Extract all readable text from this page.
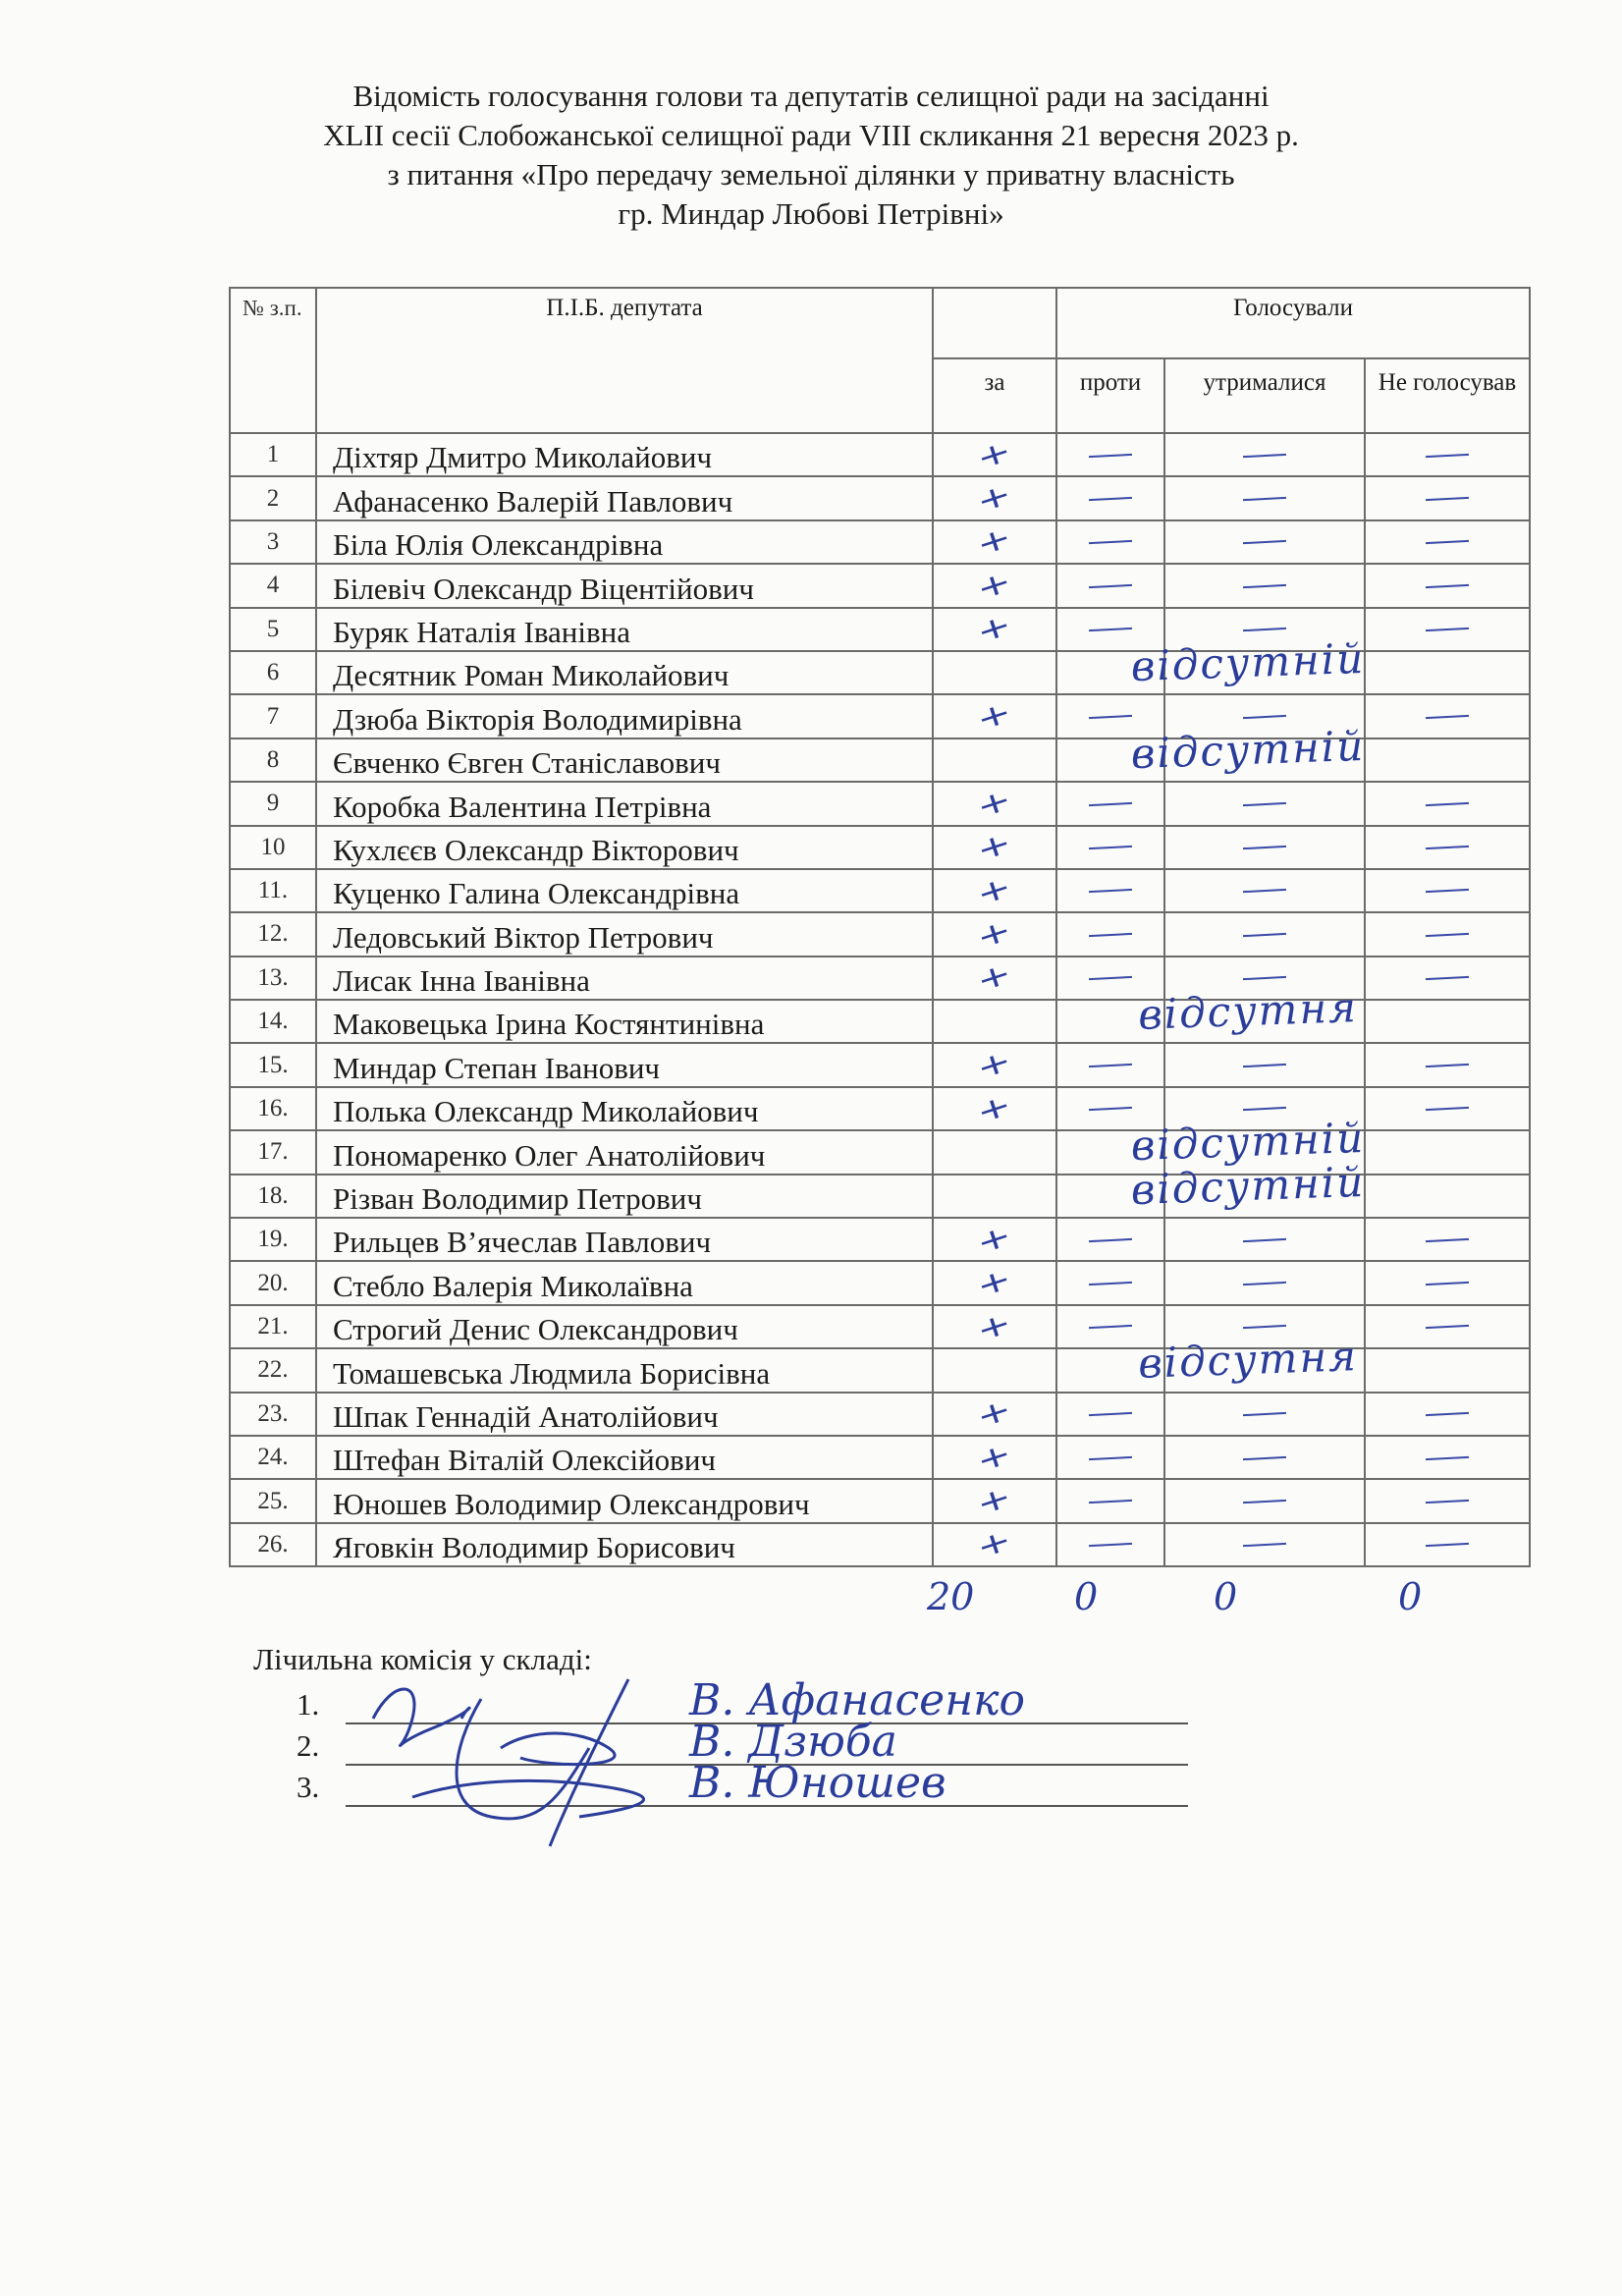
Відомість голосування голови та депутатів селищної ради на засіданні
XLII сесії Слобожанської селищної ради VIII скликання 21 вересня 2023 р.
з питання «Про передачу земельної ділянки у приватну власність
гр. Миндар Любові Петрівні»
№ з.п.	П.І.Б. депутата		Голосували		
		за	проти	утрималися	Не голосував
1	Діхтяр Дмитро Миколайович	+			
2	Афанасенко Валерій Павлович	+			
3	Біла Юлія Олександрівна	+			
4	Білевіч Олександр Віцентійович	+			
5	Буряк Наталія Іванівна	+			
6	Десятник Роман Миколайович		відсутній		

7	Дзюба Вікторія Володимирівна	+			
8	Євченко Євген Станіславович		відсутній		

9	Коробка Валентина Петрівна	+			
10	Кухлєєв Олександр Вікторович	+			
11.	Куценко Галина Олександрівна	+			
12.	Ледовський Віктор Петрович	+			
13.	Лисак Інна Іванівна	+			
14.	Маковецька Ірина Костянтинівна		відсутня		

15.	Миндар Степан Іванович	+			
16.	Полька Олександр Миколайович	+			
17.	Пономаренко Олег Анатолійович		відсутній		

18.	Різван Володимир Петрович		відсутній		

19.	Рильцев В’ячеслав Павлович	+			
20.	Стебло Валерія Миколаївна	+			
21.	Строгий Денис Олександрович	+			
22.	Томашевська Людмила Борисівна		відсутня		

23.	Шпак Геннадій Анатолійович	+			
24.	Штефан Віталій Олексійович	+			
25.	Юношев Володимир Олександрович	+			
26.	Яговкін Володимир Борисович	+			
20	0	0	0
Лічильна комісія у складі:
1.	В. Афанасенко
2.	В. Дзюба
3.	В. Юношев
